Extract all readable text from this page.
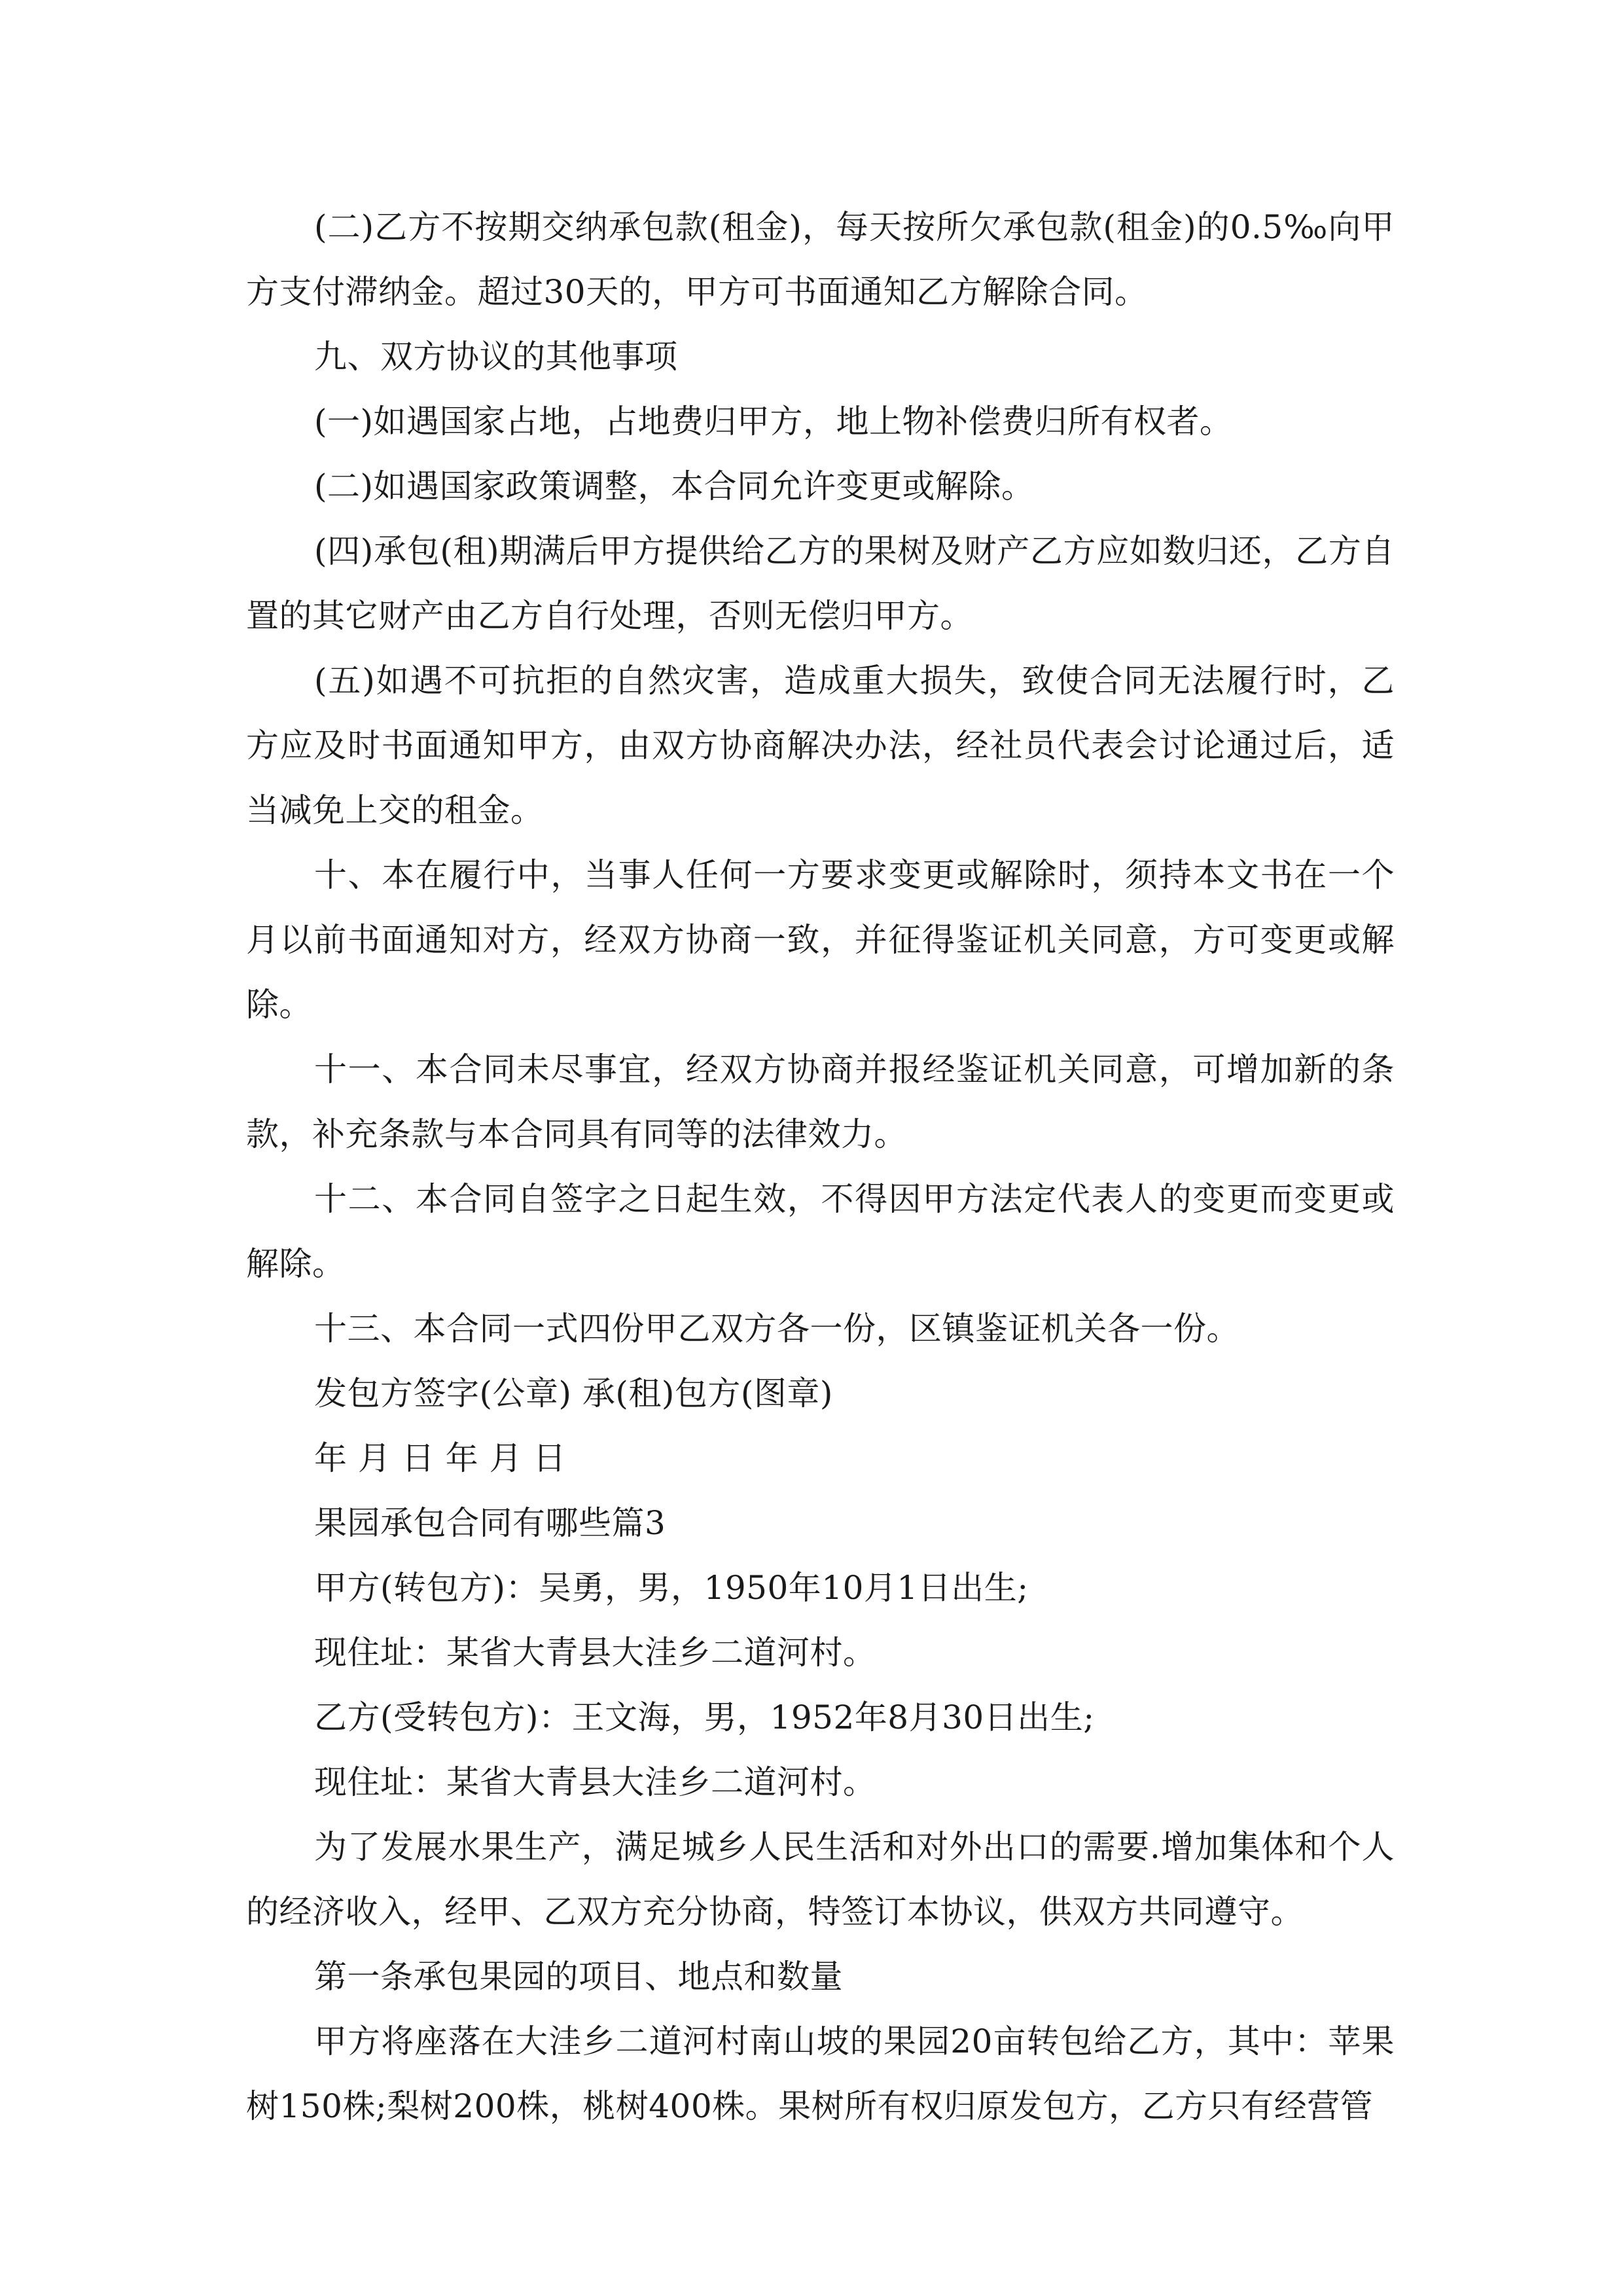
(二)乙方不按期交纳承包款(租金)，每天按所欠承包款(租金)的0.5‰向甲方支付滞纳金。超过30天的，甲方可书面通知乙方解除合同。

九、双方协议的其他事项

(一)如遇国家占地，占地费归甲方，地上物补偿费归所有权者。

(二)如遇国家政策调整，本合同允许变更或解除。

(四)承包(租)期满后甲方提供给乙方的果树及财产乙方应如数归还，乙方自置的其它财产由乙方自行处理，否则无偿归甲方。

(五)如遇不可抗拒的自然灾害，造成重大损失，致使合同无法履行时，乙方应及时书面通知甲方，由双方协商解决办法，经社员代表会讨论通过后，适当减免上交的租金。

十、本在履行中，当事人任何一方要求变更或解除时，须持本文书在一个月以前书面通知对方，经双方协商一致，并征得鉴证机关同意，方可变更或解除。

十一、本合同未尽事宜，经双方协商并报经鉴证机关同意，可增加新的条款，补充条款与本合同具有同等的法律效力。

十二、本合同自签字之日起生效，不得因甲方法定代表人的变更而变更或解除。

十三、本合同一式四份甲乙双方各一份，区镇鉴证机关各一份。

发包方签字(公章) 承(租)包方(图章)

年 月 日 年 月 日

果园承包合同有哪些篇3

甲方(转包方)：吴勇，男，1950年10月1日出生;

现住址：某省大青县大洼乡二道河村。

乙方(受转包方)：王文海，男，1952年8月30日出生;

现住址：某省大青县大洼乡二道河村。

为了发展水果生产，满足城乡人民生活和对外出口的需要.增加集体和个人的经济收入，经甲、乙双方充分协商，特签订本协议，供双方共同遵守。

第一条承包果园的项目、地点和数量

甲方将座落在大洼乡二道河村南山坡的果园20亩转包给乙方，其中：苹果树150株;梨树200株，桃树400株。果树所有权归原发包方，乙方只有经营管
